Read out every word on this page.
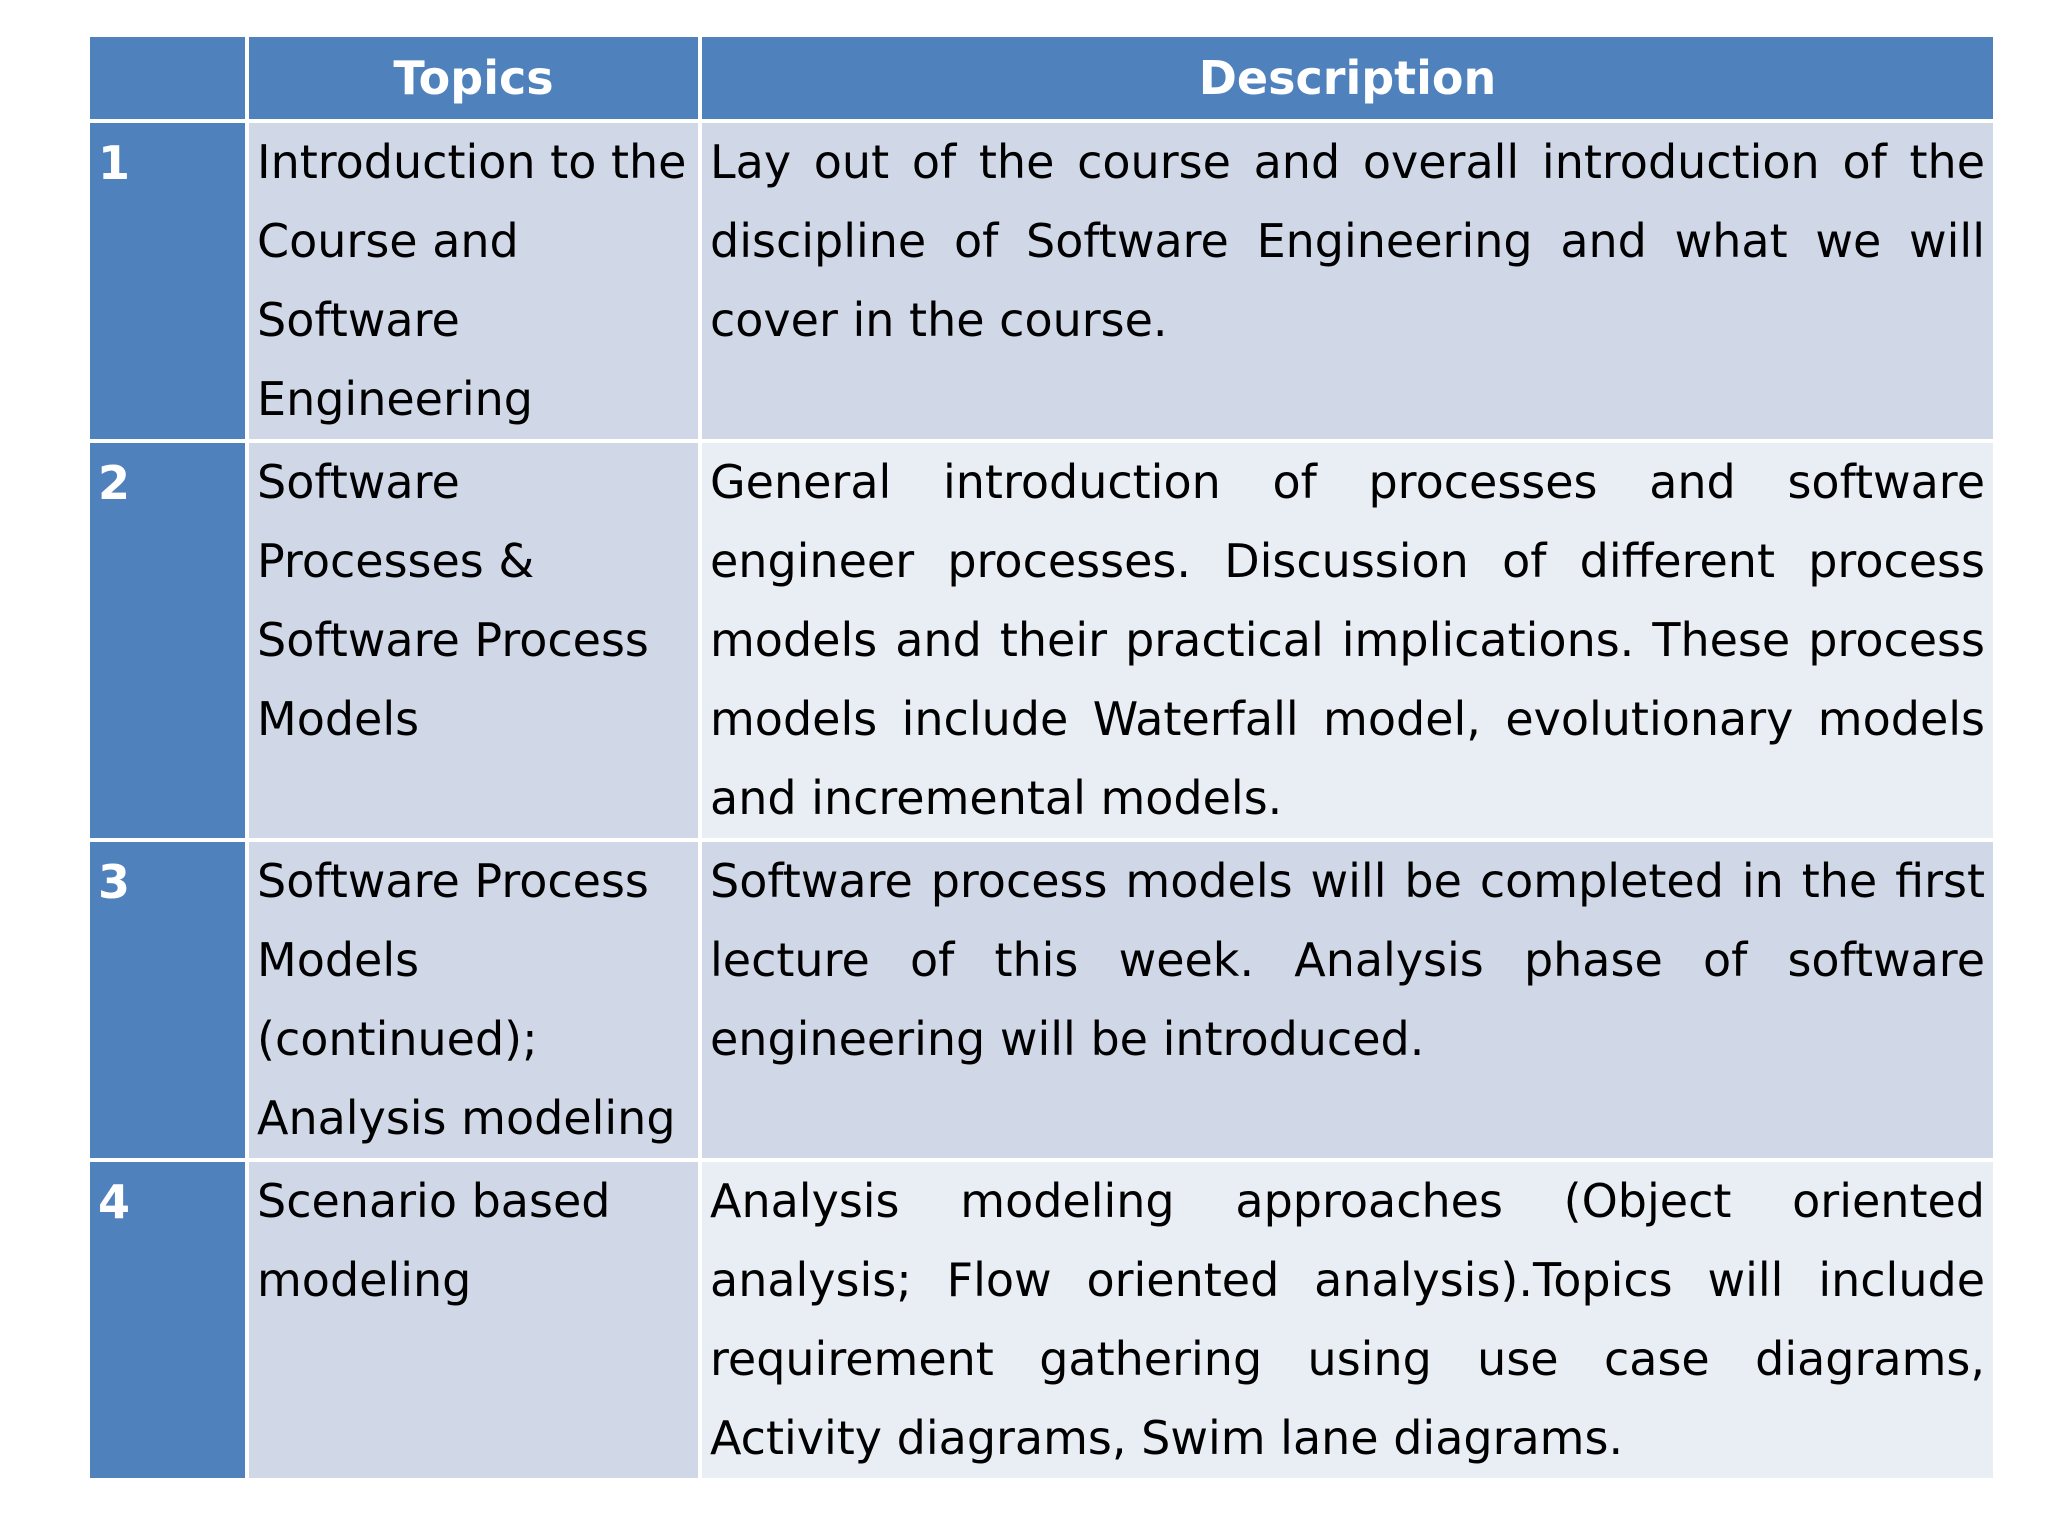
	Topics	Description
1	Introduction to the Course and Software Engineering	Lay out of the course and overall introduction of the discipline of Software Engineering and what we will cover in the course.
2	Software Processes & Software Process Models	General introduction of processes and software engineer processes. Discussion of different process models and their practical implications. These process models include Waterfall model, evolutionary models and incremental models.
3	Software Process Models (continued); Analysis modeling	Software process models will be completed in the first lecture of this week. Analysis phase of software engineering will be introduced.
4	Scenario based modeling	Analysis modeling approaches (Object oriented analysis; Flow oriented analysis).Topics will include requirement gathering using use case diagrams, Activity diagrams, Swim lane diagrams.
